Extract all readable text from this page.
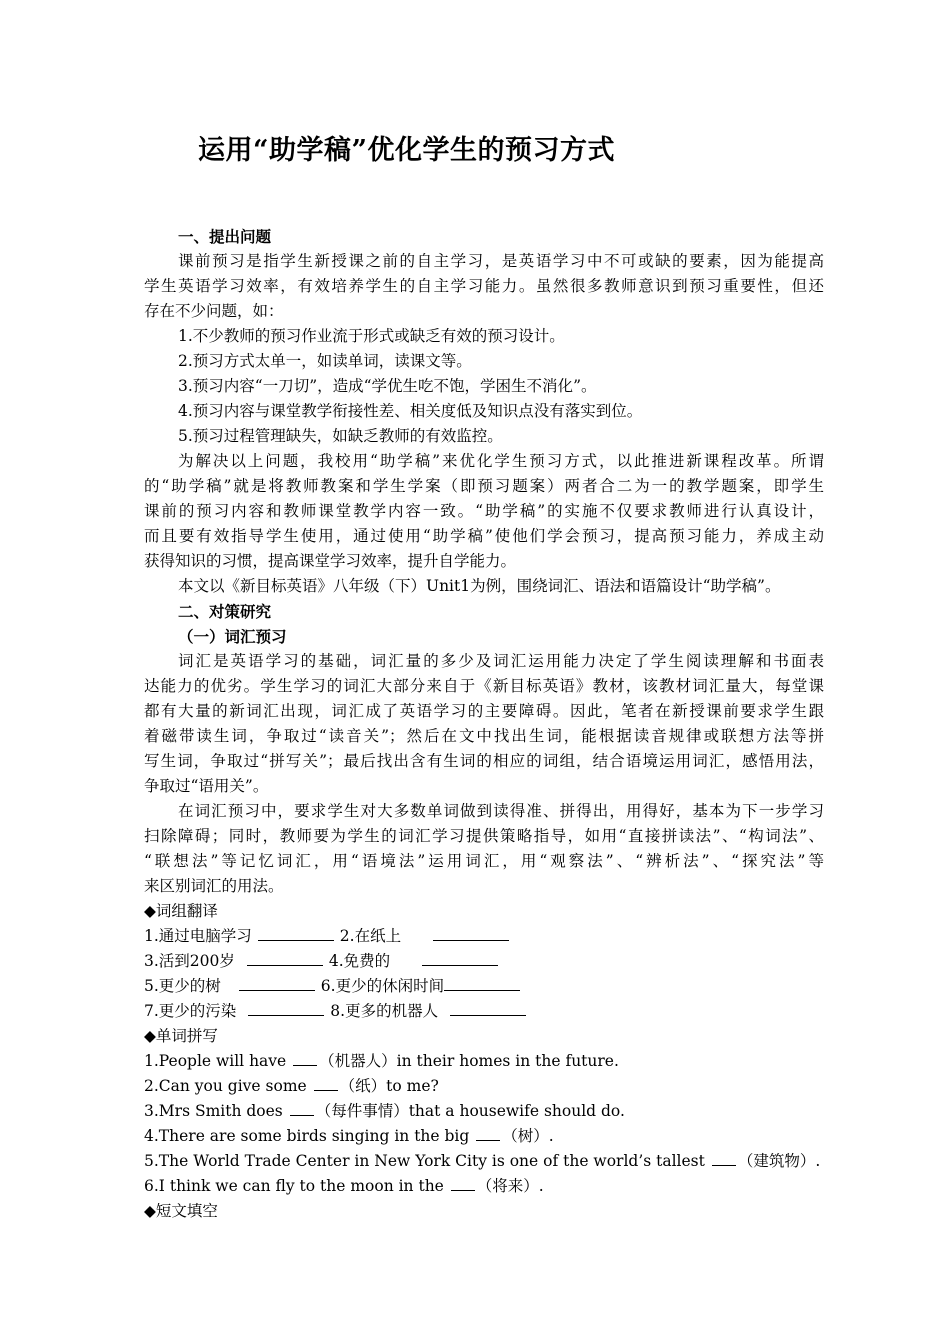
运用“助学稿”优化学生的预习方式
一、提出问题
课前预习是指学生新授课之前的自主学习，是英语学习中不可或缺的要素，因为能提高
学生英语学习效率，有效培养学生的自主学习能力。虽然很多教师意识到预习重要性，但还
存在不少问题，如：
1.不少教师的预习作业流于形式或缺乏有效的预习设计。
2.预习方式太单一，如读单词，读课文等。
3.预习内容“一刀切”，造成“学优生吃不饱，学困生不消化”。
4.预习内容与课堂教学衔接性差、相关度低及知识点没有落实到位。
5.预习过程管理缺失，如缺乏教师的有效监控。
为解决以上问题，我校用“助学稿”来优化学生预习方式，以此推进新课程改革。所谓
的“助学稿”就是将教师教案和学生学案（即预习题案）两者合二为一的教学题案，即学生
课前的预习内容和教师课堂教学内容一致。“助学稿”的实施不仅要求教师进行认真设计，
而且要有效指导学生使用，通过使用“助学稿”使他们学会预习，提高预习能力，养成主动
获得知识的习惯，提高课堂学习效率，提升自学能力。
本文以《新目标英语》八年级（下）Unit1为例，围绕词汇、语法和语篇设计“助学稿”。
二、对策研究
（一）词汇预习
词汇是英语学习的基础，词汇量的多少及词汇运用能力决定了学生阅读理解和书面表
达能力的优劣。学生学习的词汇大部分来自于《新目标英语》教材，该教材词汇量大，每堂课
都有大量的新词汇出现，词汇成了英语学习的主要障碍。因此，笔者在新授课前要求学生跟
着磁带读生词，争取过“读音关”；然后在文中找出生词，能根据读音规律或联想方法等拼
写生词，争取过“拼写关”；最后找出含有生词的相应的词组，结合语境运用词汇，感悟用法，
争取过“语用关”。
在词汇预习中，要求学生对大多数单词做到读得准、拼得出，用得好，基本为下一步学习
扫除障碍；同时，教师要为学生的词汇学习提供策略指导，如用“直接拼读法”、“构词法”、
“联想法”等记忆词汇，用“语境法”运用词汇，用“观察法”、“辨析法”、“探究法”等
来区别词汇的用法。
◆词组翻译
1.通过电脑学习	2.在纸上
3.活到200岁	4.免费的
5.更少的树	6.更少的休闲时间
7.更少的污染	8.更多的机器人
◆单词拼写
1.People will have （机器人）in their homes in the future.
2.Can you give some （纸）to me?
3.Mrs Smith does （每件事情）that a housewife should do.
4.There are some birds singing in the big （树）.
5.The World Trade Center in New York City is one of the world’s tallest （建筑物）.
6.I think we can fly to the moon in the （将来）.
◆短文填空
